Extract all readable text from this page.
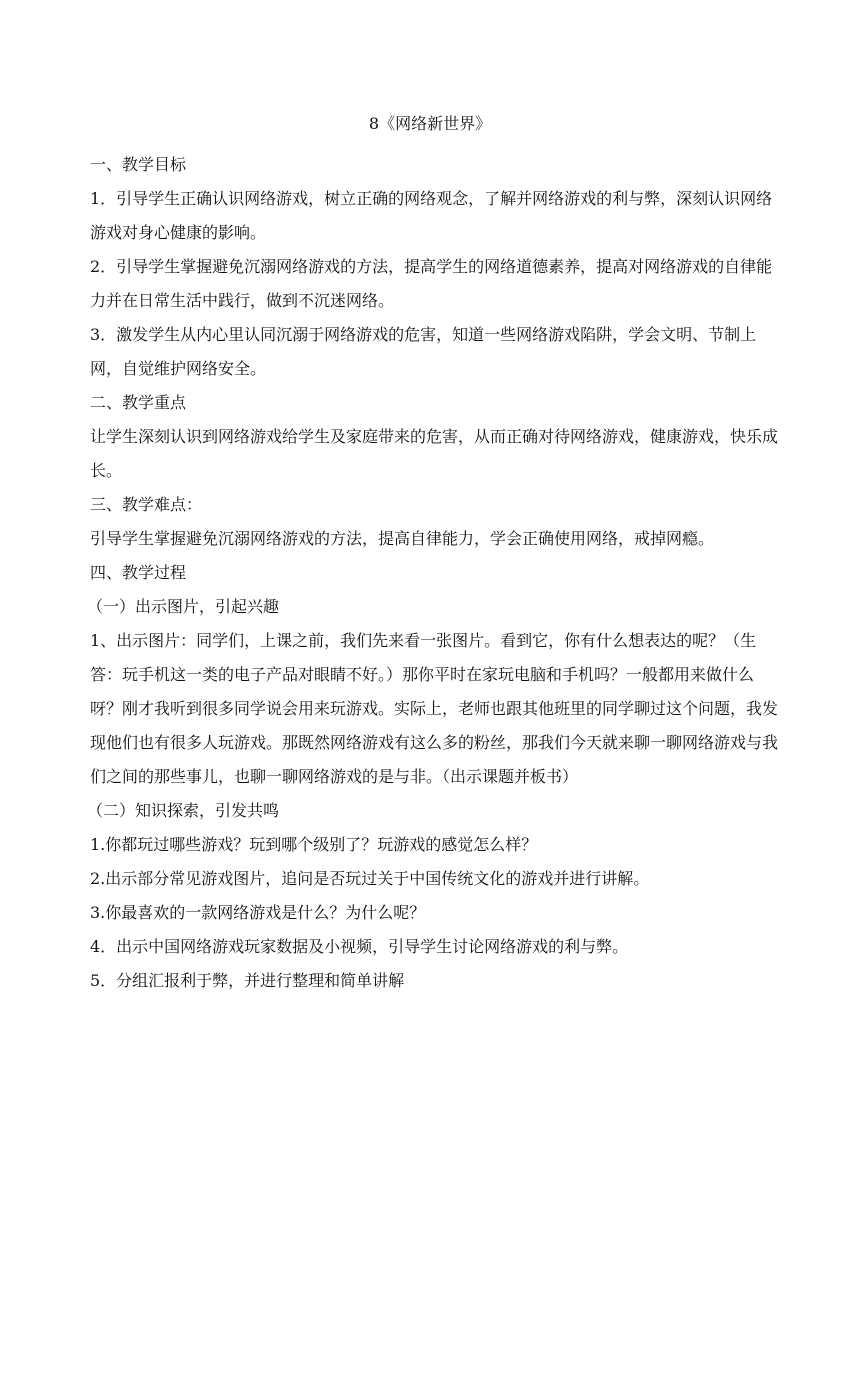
8《网络新世界》

一、教学目标

1．引导学生正确认识网络游戏，树立正确的网络观念，了解并网络游戏的利与弊，深刻认识网络游戏对身心健康的影响。

2．引导学生掌握避免沉溺网络游戏的方法，提高学生的网络道德素养，提高对网络游戏的自律能力并在日常生活中践行，做到不沉迷网络。

3．激发学生从内心里认同沉溺于网络游戏的危害，知道一些网络游戏陷阱，学会文明、节制上网，自觉维护网络安全。

二、教学重点

让学生深刻认识到网络游戏给学生及家庭带来的危害，从而正确对待网络游戏，健康游戏，快乐成长。

三、教学难点：

引导学生掌握避免沉溺网络游戏的方法，提高自律能力，学会正确使用网络，戒掉网瘾。

四、教学过程

（一）出示图片，引起兴趣

1、出示图片：同学们，上课之前，我们先来看一张图片。看到它，你有什么想表达的呢？（生答：玩手机这一类的电子产品对眼睛不好。）那你平时在家玩电脑和手机吗？一般都用来做什么呀？刚才我听到很多同学说会用来玩游戏。实际上，老师也跟其他班里的同学聊过这个问题，我发现他们也有很多人玩游戏。那既然网络游戏有这么多的粉丝，那我们今天就来聊一聊网络游戏与我们之间的那些事儿，也聊一聊网络游戏的是与非。（出示课题并板书）

（二）知识探索，引发共鸣

1.你都玩过哪些游戏？玩到哪个级别了？玩游戏的感觉怎么样？

2.出示部分常见游戏图片，追问是否玩过关于中国传统文化的游戏并进行讲解。

3.你最喜欢的一款网络游戏是什么？为什么呢？

4．出示中国网络游戏玩家数据及小视频，引导学生讨论网络游戏的利与弊。

5．分组汇报利于弊，并进行整理和简单讲解
